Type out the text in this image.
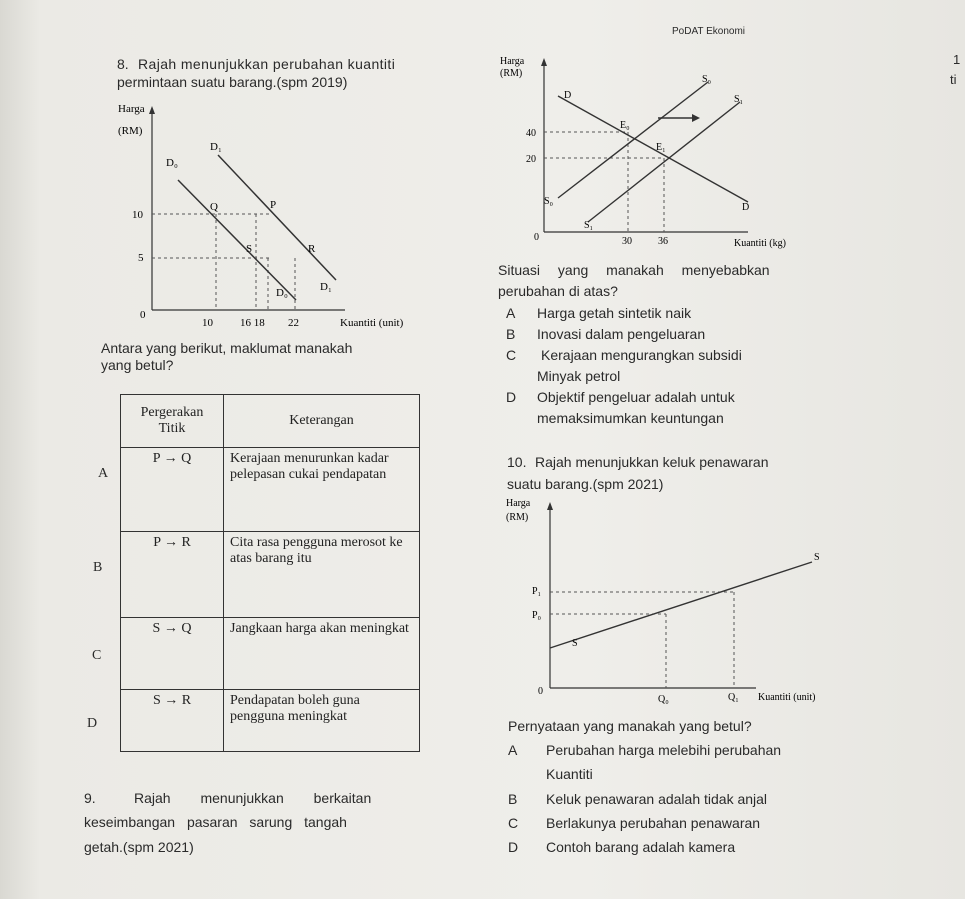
PoDAT Ekonomi
1
ti
8. Rajah menunjukkan perubahan kuantiti
permintaan suatu barang.(spm 2019)
Harga
(RM)
10
5
0
10 16 18 22	Kuantiti (unit)
Q	P
S	R
D₁
D₀
D₀	D₁
Antara yang berikut, maklumat manakah
yang betul?
Pergerakan Titik	Keterangan
P → Q	Kerajaan menurunkan kadar pelepasan cukai pendapatan
P → R	Cita rasa pengguna merosot ke atas barang itu
S → Q	Jangkaan harga akan meningkat
S → R	Pendapatan boleh guna pengguna meningkat
A
B
C
D
9.	Rajah menunjukkan berkaitan
keseimbangan pasaran sarung tangah
getah.(spm 2021)
Harga
(RM)
40
20
0	30	36	Kuantiti (kg)
D
S₀
S₁
E₀
E₁
D
S₀
S₁
Situasi yang manakah menyebabkan
perubahan di atas?
A Harga getah sintetik naik
B Inovasi dalam pengeluaran
C Kerajaan mengurangkan subsidi
Minyak petrol
D Objektif pengeluar adalah untuk
memaksimumkan keuntungan
10. Rajah menunjukkan keluk penawaran
suatu barang.(spm 2021)
Harga
(RM)
P₁
P₀
0
Q₀	Q₁ Kuantiti (unit)
S
S
Pernyataan yang manakah yang betul?
A Perubahan harga melebihi perubahan
Kuantiti
B Keluk penawaran adalah tidak anjal
C Berlakunya perubahan penawaran
D Contoh barang adalah kamera
